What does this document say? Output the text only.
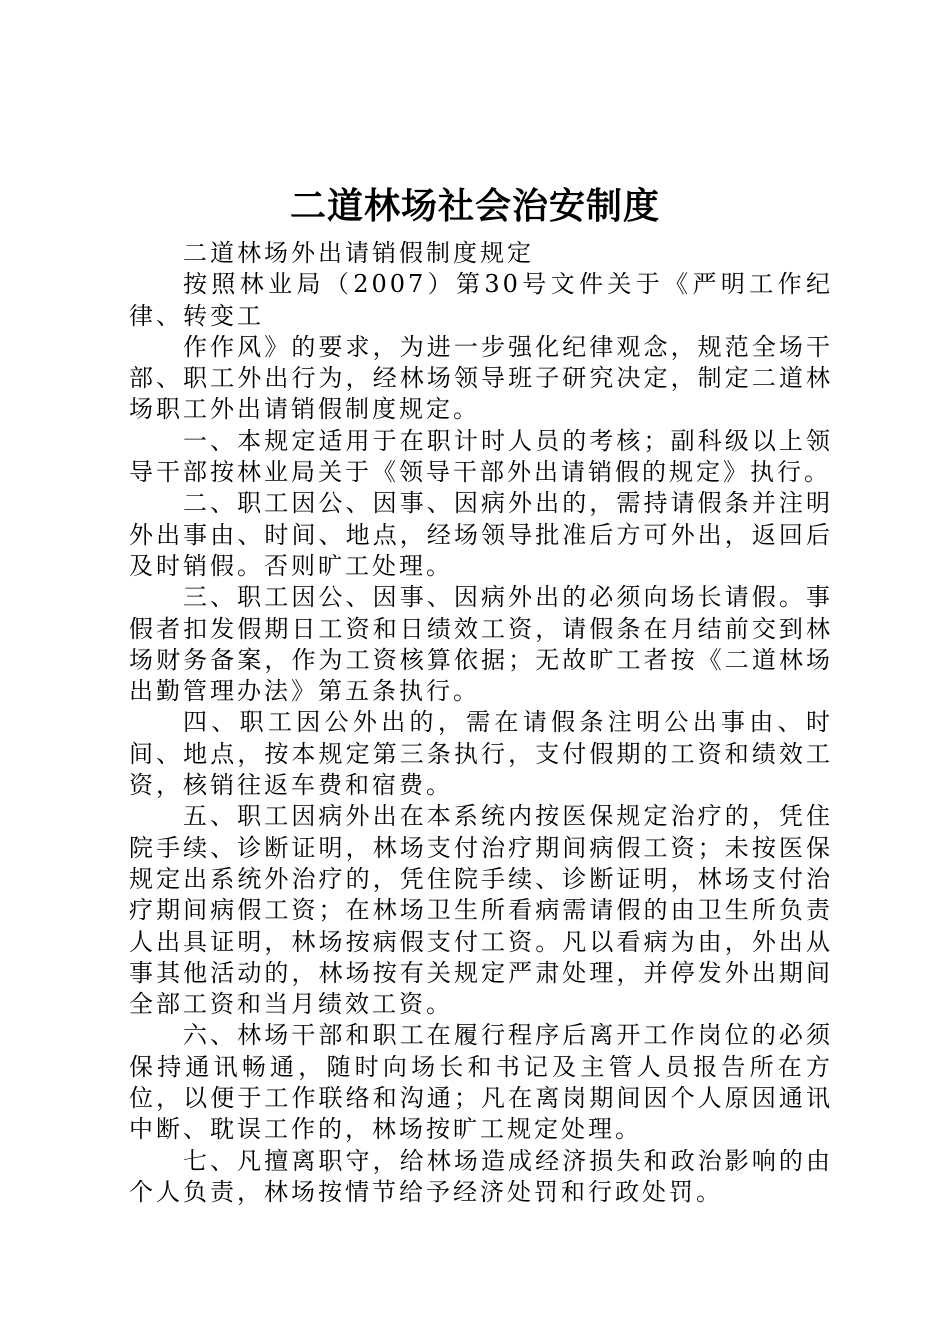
二道林场社会治安制度

二道林场外出请销假制度规定

按照林业局（2007）第30号文件关于《严明工作纪律、转变工

作作风》的要求，为进一步强化纪律观念，规范全场干部、职工外出行为，经林场领导班子研究决定，制定二道林场职工外出请销假制度规定。

一、本规定适用于在职计时人员的考核；副科级以上领导干部按林业局关于《领导干部外出请销假的规定》执行。

二、职工因公、因事、因病外出的，需持请假条并注明外出事由、时间、地点，经场领导批准后方可外出，返回后及时销假。否则旷工处理。

三、职工因公、因事、因病外出的必须向场长请假。事假者扣发假期日工资和日绩效工资，请假条在月结前交到林场财务备案，作为工资核算依据；无故旷工者按《二道林场出勤管理办法》第五条执行。

四、职工因公外出的，需在请假条注明公出事由、时间、地点，按本规定第三条执行，支付假期的工资和绩效工资，核销往返车费和宿费。

五、职工因病外出在本系统内按医保规定治疗的，凭住院手续、诊断证明，林场支付治疗期间病假工资；未按医保规定出系统外治疗的，凭住院手续、诊断证明，林场支付治疗期间病假工资；在林场卫生所看病需请假的由卫生所负责人出具证明，林场按病假支付工资。凡以看病为由，外出从事其他活动的，林场按有关规定严肃处理，并停发外出期间全部工资和当月绩效工资。

六、林场干部和职工在履行程序后离开工作岗位的必须保持通讯畅通，随时向场长和书记及主管人员报告所在方位，以便于工作联络和沟通；凡在离岗期间因个人原因通讯中断、耽误工作的，林场按旷工规定处理。

七、凡擅离职守，给林场造成经济损失和政治影响的由个人负责，林场按情节给予经济处罚和行政处罚。
